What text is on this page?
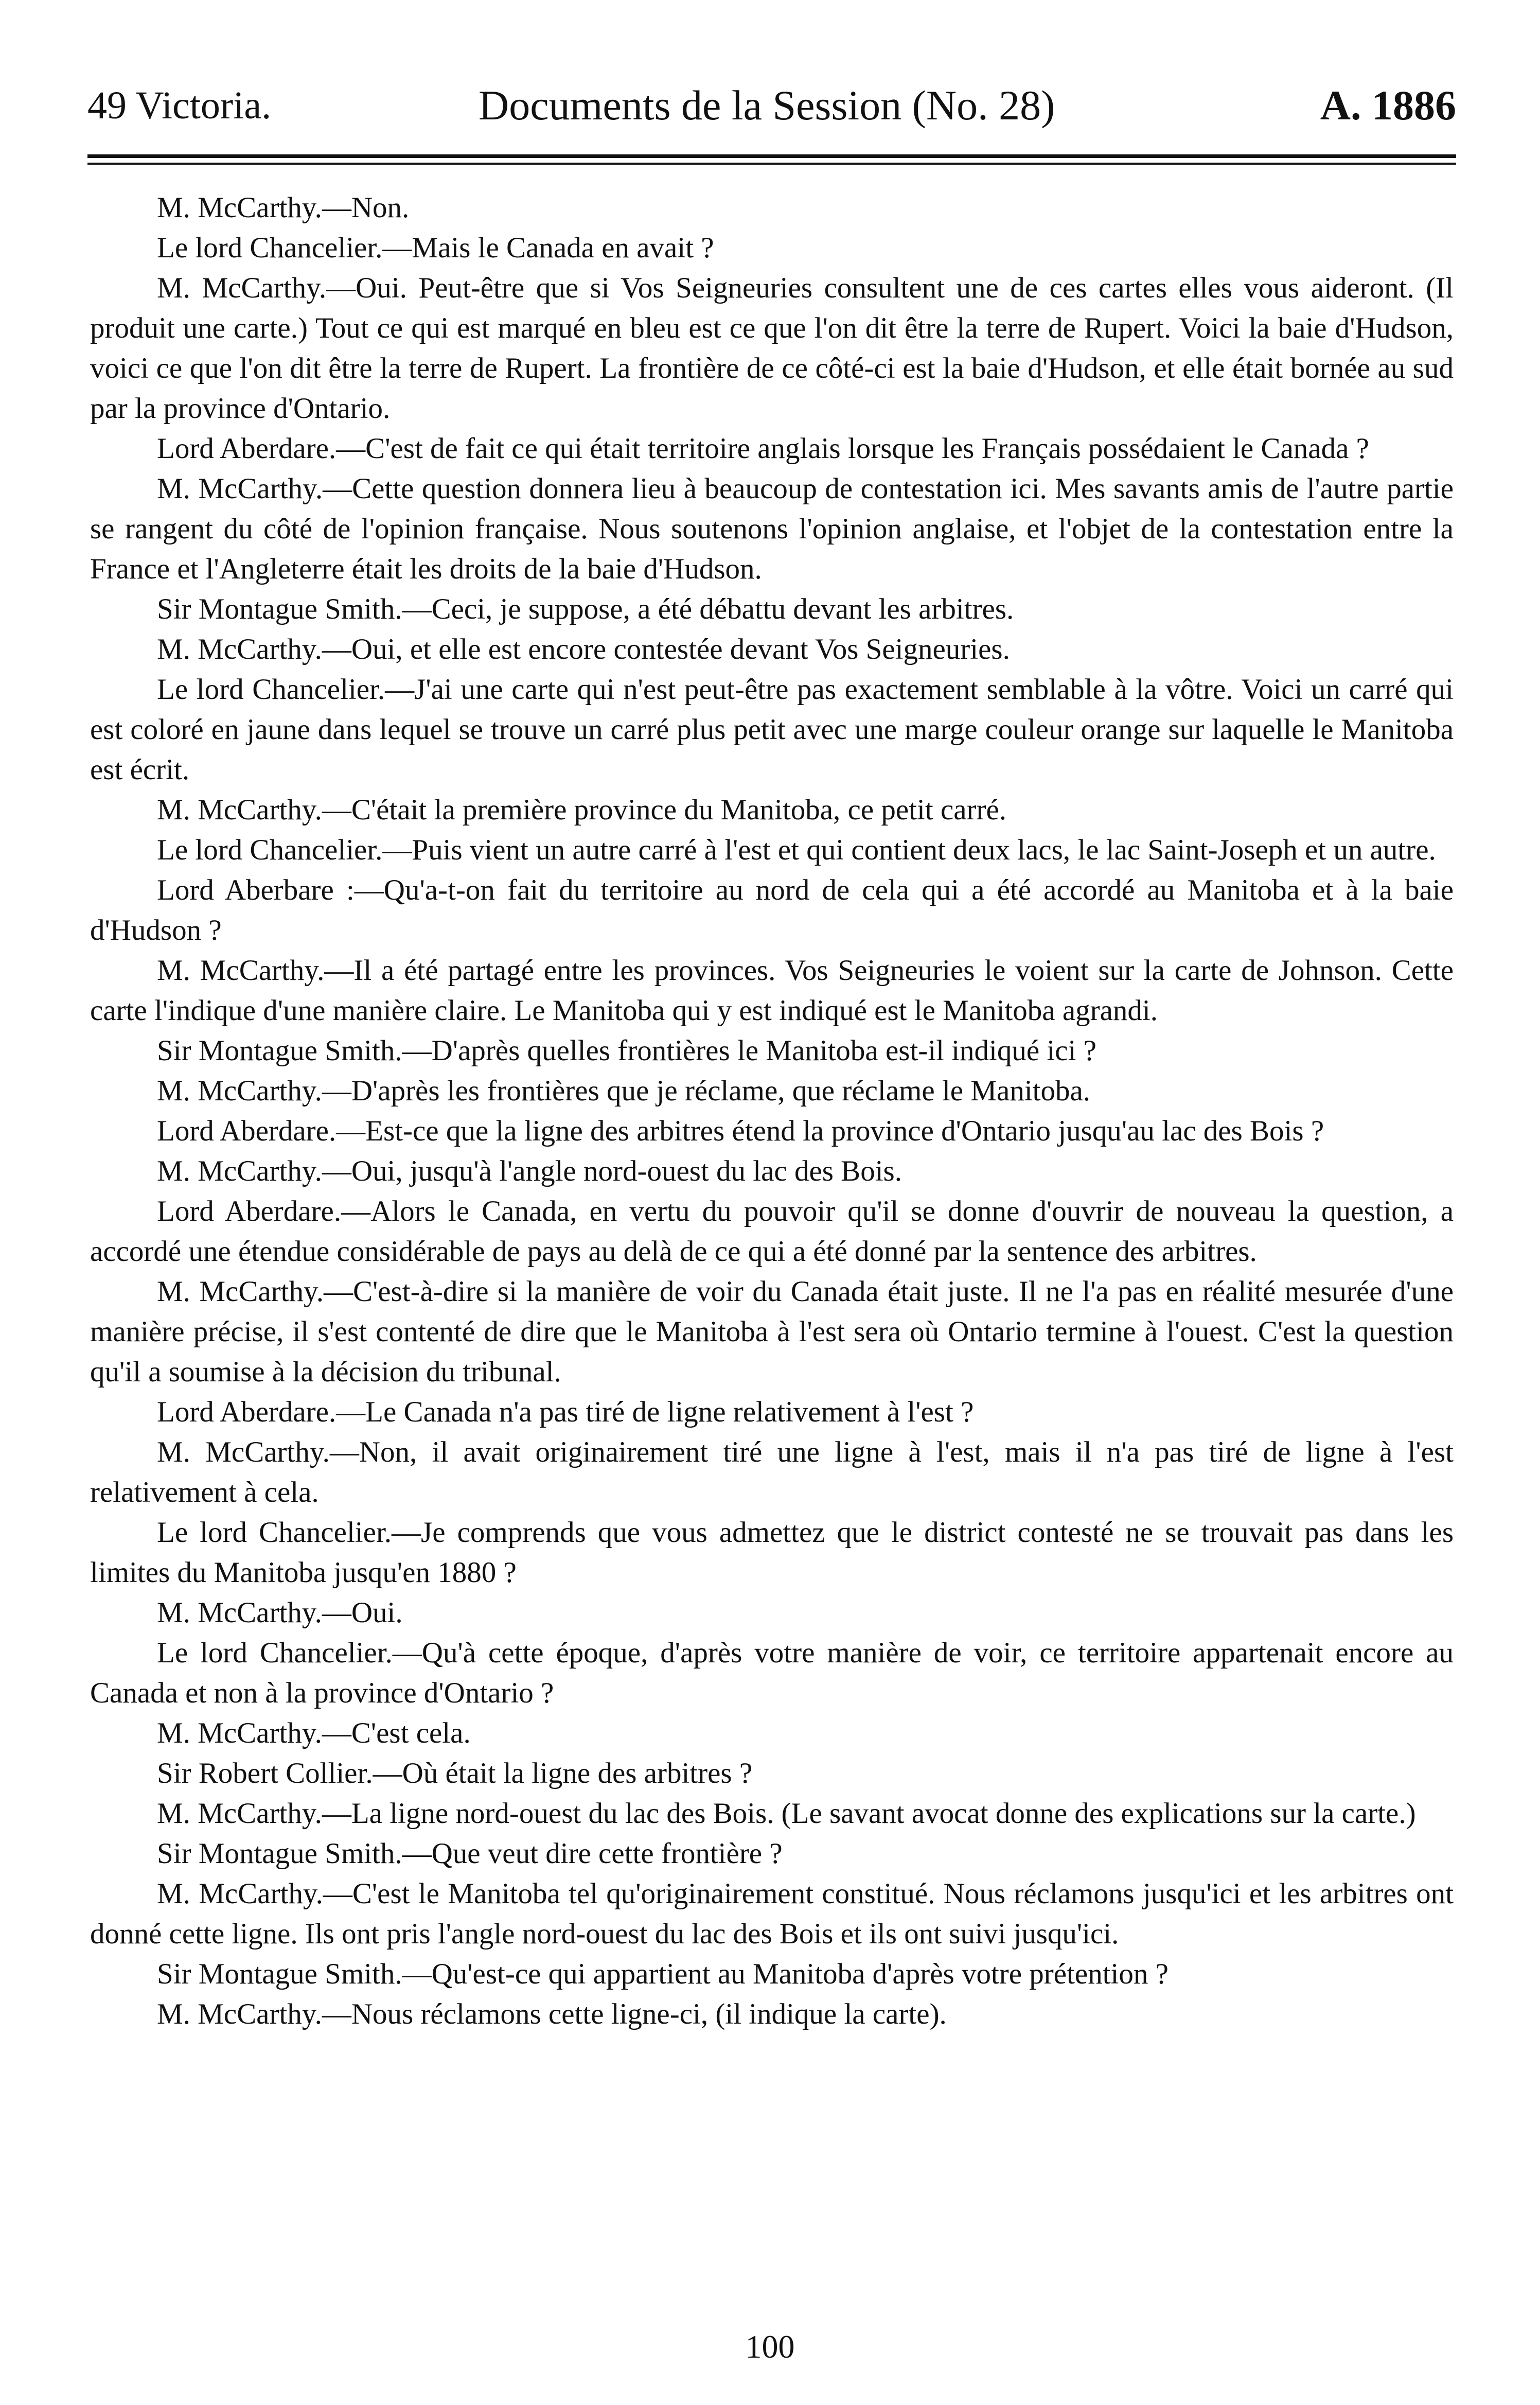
49 Victoria.	Documents de la Session (No. 28)	A. 1886

M. McCarthy.—Non.

Le lord Chancelier.—Mais le Canada en avait ?

M. McCarthy.—Oui. Peut-être que si Vos Seigneuries consultent une de ces cartes elles vous aideront. (Il produit une carte.) Tout ce qui est marqué en bleu est ce que l'on dit être la terre de Rupert. Voici la baie d'Hudson, voici ce que l'on dit être la terre de Rupert. La frontière de ce côté-ci est la baie d'Hudson, et elle était bornée au sud par la province d'Ontario.

Lord Aberdare.—C'est de fait ce qui était territoire anglais lorsque les Français possédaient le Canada ?

M. McCarthy.—Cette question donnera lieu à beaucoup de contestation ici. Mes savants amis de l'autre partie se rangent du côté de l'opinion française. Nous soutenons l'opinion anglaise, et l'objet de la contestation entre la France et l'Angleterre était les droits de la baie d'Hudson.

Sir Montague Smith.—Ceci, je suppose, a été débattu devant les arbitres.

M. McCarthy.—Oui, et elle est encore contestée devant Vos Seigneuries.

Le lord Chancelier.—J'ai une carte qui n'est peut-être pas exactement semblable à la vôtre. Voici un carré qui est coloré en jaune dans lequel se trouve un carré plus petit avec une marge couleur orange sur laquelle le Manitoba est écrit.

M. McCarthy.—C'était la première province du Manitoba, ce petit carré.

Le lord Chancelier.—Puis vient un autre carré à l'est et qui contient deux lacs, le lac Saint-Joseph et un autre.

Lord Aberbare :—Qu'a-t-on fait du territoire au nord de cela qui a été accordé au Manitoba et à la baie d'Hudson ?

M. McCarthy.—Il a été partagé entre les provinces. Vos Seigneuries le voient sur la carte de Johnson. Cette carte l'indique d'une manière claire. Le Manitoba qui y est indiqué est le Manitoba agrandi.

Sir Montague Smith.—D'après quelles frontières le Manitoba est-il indiqué ici ?

M. McCarthy.—D'après les frontières que je réclame, que réclame le Manitoba.

Lord Aberdare.—Est-ce que la ligne des arbitres étend la province d'Ontario jusqu'au lac des Bois ?

M. McCarthy.—Oui, jusqu'à l'angle nord-ouest du lac des Bois.

Lord Aberdare.—Alors le Canada, en vertu du pouvoir qu'il se donne d'ouvrir de nouveau la question, a accordé une étendue considérable de pays au delà de ce qui a été donné par la sentence des arbitres.

M. McCarthy.—C'est-à-dire si la manière de voir du Canada était juste. Il ne l'a pas en réalité mesurée d'une manière précise, il s'est contenté de dire que le Manitoba à l'est sera où Ontario termine à l'ouest. C'est la question qu'il a soumise à la décision du tribunal.

Lord Aberdare.—Le Canada n'a pas tiré de ligne relativement à l'est ?

M. McCarthy.—Non, il avait originairement tiré une ligne à l'est, mais il n'a pas tiré de ligne à l'est relativement à cela.

Le lord Chancelier.—Je comprends que vous admettez que le district contesté ne se trouvait pas dans les limites du Manitoba jusqu'en 1880 ?

M. McCarthy.—Oui.

Le lord Chancelier.—Qu'à cette époque, d'après votre manière de voir, ce territoire appartenait encore au Canada et non à la province d'Ontario ?

M. McCarthy.—C'est cela.

Sir Robert Collier.—Où était la ligne des arbitres ?

M. McCarthy.—La ligne nord-ouest du lac des Bois. (Le savant avocat donne des explications sur la carte.)

Sir Montague Smith.—Que veut dire cette frontière ?

M. McCarthy.—C'est le Manitoba tel qu'originairement constitué. Nous réclamons jusqu'ici et les arbitres ont donné cette ligne. Ils ont pris l'angle nord-ouest du lac des Bois et ils ont suivi jusqu'ici.

Sir Montague Smith.—Qu'est-ce qui appartient au Manitoba d'après votre prétention ?

M. McCarthy.—Nous réclamons cette ligne-ci, (il indique la carte).

100
